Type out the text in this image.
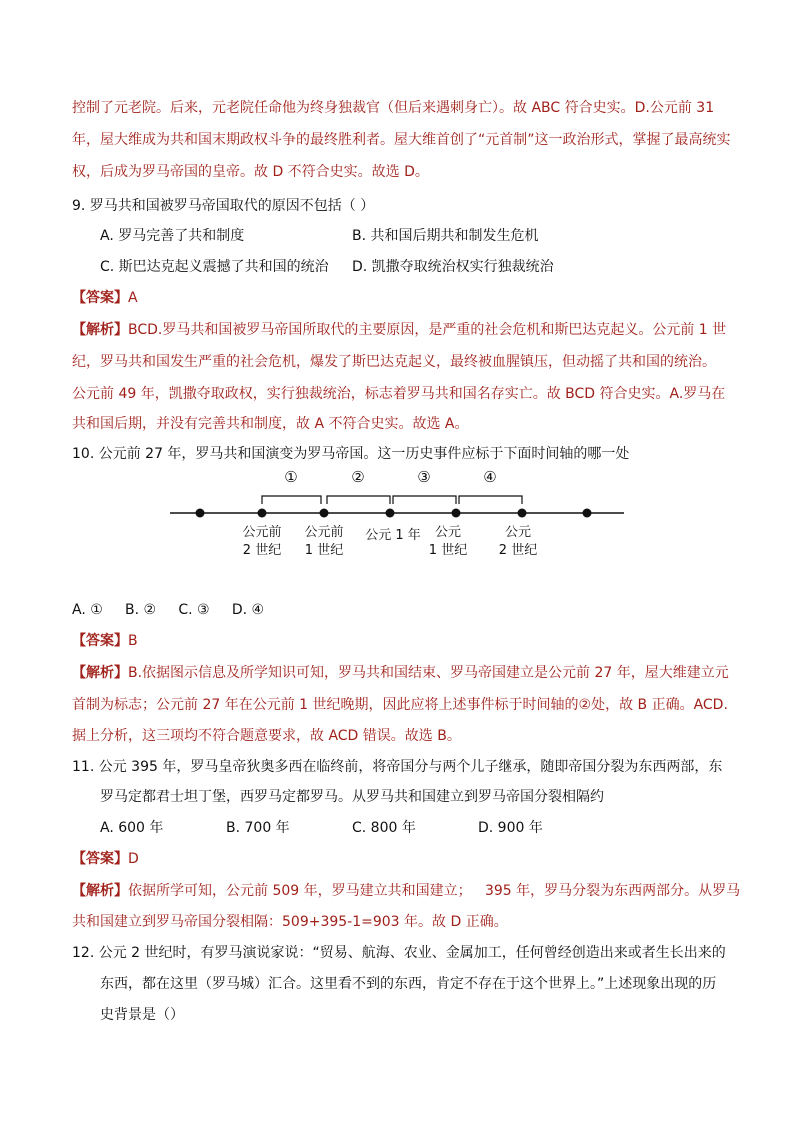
控制了元老院。后来，元老院任命他为终身独裁官（但后来遇刺身亡）。故 ABC 符合史实。D.公元前 31
年，屋大维成为共和国末期政权斗争的最终胜利者。屋大维首创了“元首制”这一政治形式，掌握了最高统实
权，后成为罗马帝国的皇帝。故 D 不符合史实。故选 D。
9. 罗马共和国被罗马帝国取代的原因不包括（ ）
A. 罗马完善了共和制度	B. 共和国后期共和制发生危机
C. 斯巴达克起义震撼了共和国的统治 D. 凯撒夺取统治权实行独裁统治
【答案】A
【解析】BCD.罗马共和国被罗马帝国所取代的主要原因，是严重的社会危机和斯巴达克起义。公元前 1 世
纪，罗马共和国发生严重的社会危机，爆发了斯巴达克起义，最终被血腥镇压，但动摇了共和国的统治。
公元前 49 年，凯撒夺取政权，实行独裁统治，标志着罗马共和国名存实亡。故 BCD 符合史实。A.罗马在
共和国后期，并没有完善共和制度，故 A 不符合史实。故选 A。
10. 公元前 27 年，罗马共和国演变为罗马帝国。这一历史事件应标于下面时间轴的哪一处
①	②	③	④
公元前
2 世纪
公元前
1 世纪
公元 1 年	公元
1 世纪
公元
2 世纪
A. ①     B. ②     C. ③     D. ④
【答案】B
【解析】B.依据图示信息及所学知识可知，罗马共和国结束、罗马帝国建立是公元前 27 年，屋大维建立元
首制为标志；公元前 27 年在公元前 1 世纪晚期，因此应将上述事件标于时间轴的②处，故 B 正确。ACD.
据上分析，这三项均不符合题意要求，故 ACD 错误。故选 B。
11. 公元 395 年，罗马皇帝狄奥多西在临终前，将帝国分与两个儿子继承，随即帝国分裂为东西两部，东
罗马定都君士坦丁堡，西罗马定都罗马。从罗马共和国建立到罗马帝国分裂相隔约
A. 600 年	B. 700 年	C. 800 年	D. 900 年
【答案】D
【解析】依据所学可知，公元前 509 年，罗马建立共和国建立；   395 年，罗马分裂为东西两部分。从罗马
共和国建立到罗马帝国分裂相隔：509+395-1=903 年。故 D 正确。
12. 公元 2 世纪时，有罗马演说家说：“贸易、航海、农业、金属加工，任何曾经创造出来或者生长出来的
东西，都在这里（罗马城）汇合。这里看不到的东西，肯定不存在于这个世界上。”上述现象出现的历
史背景是（）
